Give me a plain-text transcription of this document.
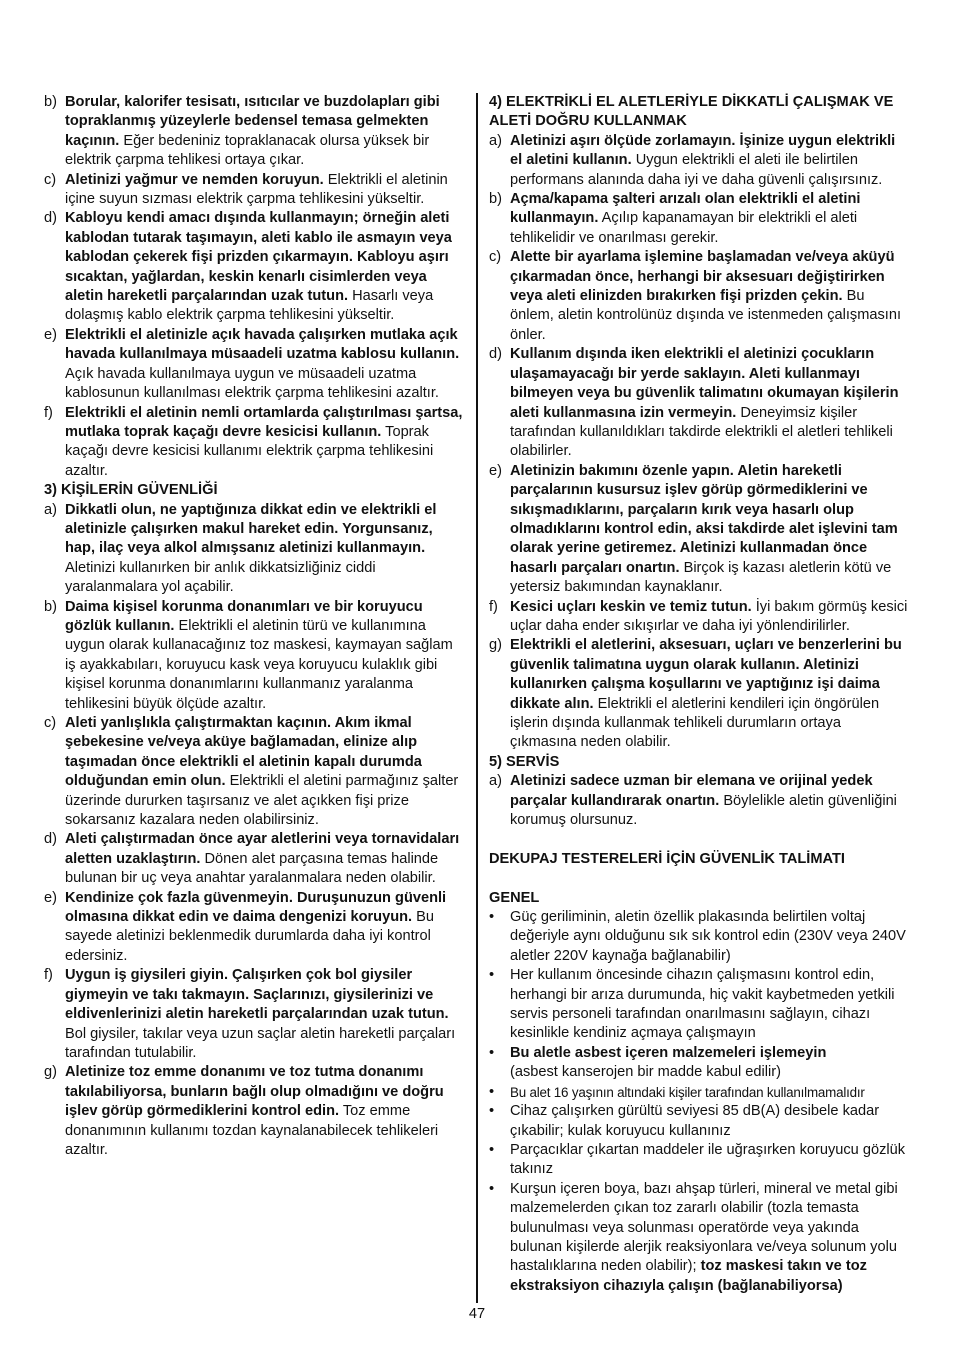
b) Borular, kalorifer tesisatı, ısıtıcılar ve buzdolapları gibi topraklanmış yüzeylerle bedensel temasa gelmekten kaçının. Eğer bedeniniz topraklanacak olursa yüksek bir elektrik çarpma tehlikesi ortaya çıkar.
c) Aletinizi yağmur ve nemden koruyun. Elektrikli el aletinin içine suyun sızması elektrik çarpma tehlikesini yükseltir.
d) Kabloyu kendi amacı dışında kullanmayın; örneğin aleti kablodan tutarak taşımayın, aleti kablo ile asmayın veya kablodan çekerek fişi prizden çıkarmayın. Kabloyu aşırı sıcaktan, yağlardan, keskin kenarlı cisimlerden veya aletin hareketli parçalarından uzak tutun. Hasarlı veya dolaşmış kablo elektrik çarpma tehlikesini yükseltir.
e) Elektrikli el aletinizle açık havada çalışırken mutlaka açık havada kullanılmaya müsaadeli uzatma kablosu kullanın. Açık havada kullanılmaya uygun ve müsaadeli uzatma kablosunun kullanılması elektrik çarpma tehlikesini azaltır.
f) Elektrikli el aletinin nemli ortamlarda çalıştırılması şartsa, mutlaka toprak kaçağı devre kesicisi kullanın. Toprak kaçağı devre kesicisi kullanımı elektrik çarpma tehlikesini azaltır.
3) KİŞİLERİN GÜVENLİĞİ
a) Dikkatli olun, ne yaptığınıza dikkat edin ve elektrikli el aletinizle çalışırken makul hareket edin. Yorgunsanız, hap, ilaç veya alkol almışsanız aletinizi kullanmayın. Aletinizi kullanırken bir anlık dikkatsizliğiniz ciddi yaralanmalara yol açabilir.
b) Daima kişisel korunma donanımları ve bir koruyucu gözlük kullanın. Elektrikli el aletinin türü ve kullanımına uygun olarak kullanacağınız toz maskesi, kaymayan sağlam iş ayakkabıları, koruyucu kask veya koruyucu kulaklık gibi kişisel korunma donanımlarını kullanmanız yaralanma tehlikesini büyük ölçüde azaltır.
c) Aleti yanlışlıkla çalıştırmaktan kaçının. Akım ikmal şebekesine ve/veya aküye bağlamadan, elinize alıp taşımadan önce elektrikli el aletinin kapalı durumda olduğundan emin olun. Elektrikli el aletini parmağınız şalter üzerinde dururken taşırsanız ve alet açıkken fişi prize sokarsanız kazalara neden olabilirsiniz.
d) Aleti çalıştırmadan önce ayar aletlerini veya tornavidaları aletten uzaklaştırın. Dönen alet parçasına temas halinde bulunan bir uç veya anahtar yaralanmalara neden olabilir.
e) Kendinize çok fazla güvenmeyin. Duruşunuzun güvenli olmasına dikkat edin ve daima dengenizi koruyun. Bu sayede aletinizi beklenmedik durumlarda daha iyi kontrol edersiniz.
f) Uygun iş giysileri giyin. Çalışırken çok bol giysiler giymeyin ve takı takmayın. Saçlarınızı, giysilerinizi ve eldivenlerinizi aletin hareketli parçalarından uzak tutun. Bol giysiler, takılar veya uzun saçlar aletin hareketli parçaları tarafından tutulabilir.
g) Aletinize toz emme donanımı ve toz tutma donanımı takılabiliyorsa, bunların bağlı olup olmadığını ve doğru işlev görüp görmediklerini kontrol edin. Toz emme donanımının kullanımı tozdan kaynalanabilecek tehlikeleri azaltır.
4) ELEKTRİKLİ EL ALETLERİYLE DİKKATLİ ÇALIŞMAK VE ALETİ DOĞRU KULLANMAK
a) Aletinizi aşırı ölçüde zorlamayın. İşinize uygun elektrikli el aletini kullanın. Uygun elektrikli el aleti ile belirtilen performans alanında daha iyi ve daha güvenli çalışırsınız.
b) Açma/kapama şalteri arızalı olan elektrikli el aletini kullanmayın. Açılıp kapanamayan bir elektrikli el aleti tehlikelidir ve onarılması gerekir.
c) Alette bir ayarlama işlemine başlamadan ve/veya aküyü çıkarmadan önce, herhangi bir aksesuarı değiştirirken veya aleti elinizden bırakırken fişi prizden çekin. Bu önlem, aletin kontrolünüz dışında ve istenmeden çalışmasını önler.
d) Kullanım dışında iken elektrikli el aletinizi çocukların ulaşamayacağı bir yerde saklayın. Aleti kullanmayı bilmeyen veya bu güvenlik talimatını okumayan kişilerin aleti kullanmasına izin vermeyin. Deneyimsiz kişiler tarafından kullanıldıkları takdirde elektrikli el aletleri tehlikeli olabilirler.
e) Aletinizin bakımını özenle yapın. Aletin hareketli parçalarının kusursuz işlev görüp görmediklerini ve sıkışmadıklarını, parçaların kırık veya hasarlı olup olmadıklarını kontrol edin, aksi takdirde alet işlevini tam olarak yerine getiremez. Aletinizi kullanmadan önce hasarlı parçaları onartın. Birçok iş kazası aletlerin kötü ve yetersiz bakımından kaynaklanır.
f) Kesici uçları keskin ve temiz tutun. İyi bakım görmüş kesici uçlar daha ender sıkışırlar ve daha iyi yönlendirilirler.
g) Elektrikli el aletlerini, aksesuarı, uçları ve benzerlerini bu güvenlik talimatına uygun olarak kullanın. Aletinizi kullanırken çalışma koşullarını ve yaptığınız işi daima dikkate alın. Elektrikli el aletlerini kendileri için öngörülen işlerin dışında kullanmak tehlikeli durumların ortaya çıkmasına neden olabilir.
5) SERVİS
a) Aletinizi sadece uzman bir elemana ve orijinal yedek parçalar kullandırarak onartın. Böylelikle aletin güvenliğini korumuş olursunuz.
DEKUPAJ TESTERELERİ İÇİN GÜVENLİK TALİMATI
GENEL
•	Güç geriliminin, aletin özellik plakasında belirtilen voltaj değeriyle aynı olduğunu sık sık kontrol edin (230V veya 240V aletler 220V kaynağa bağlanabilir)
•	Her kullanım öncesinde cihazın çalışmasını kontrol edin, herhangi bir arıza durumunda, hiç vakit kaybetmeden yetkili servis personeli tarafından onarılmasını sağlayın, cihazı kesinlikle kendiniz açmaya çalışmayın
•	Bu aletle asbest içeren malzemeleri işlemeyin
(asbest kanserojen bir madde kabul edilir)
•	Bu alet 16 yaşının altındaki kişiler tarafından kullanılmamalıdır
•	Cihaz çalışırken gürültü seviyesi 85 dB(A) desibele kadar çıkabilir; kulak koruyucu kullanınız
•	Parçacıklar çıkartan maddeler ile uğraşırken koruyucu gözlük takınız
•	Kurşun içeren boya, bazı ahşap türleri, mineral ve metal gibi malzemelerden çıkan toz zararlı olabilir (tozla temasta bulunulması veya solunması operatörde veya yakında bulunan kişilerde alerjik reaksiyonlara ve/veya solunum yolu hastalıklarına neden olabilir); toz maskesi takın ve toz ekstraksiyon cihazıyla çalışın (bağlanabiliyorsa)
47
